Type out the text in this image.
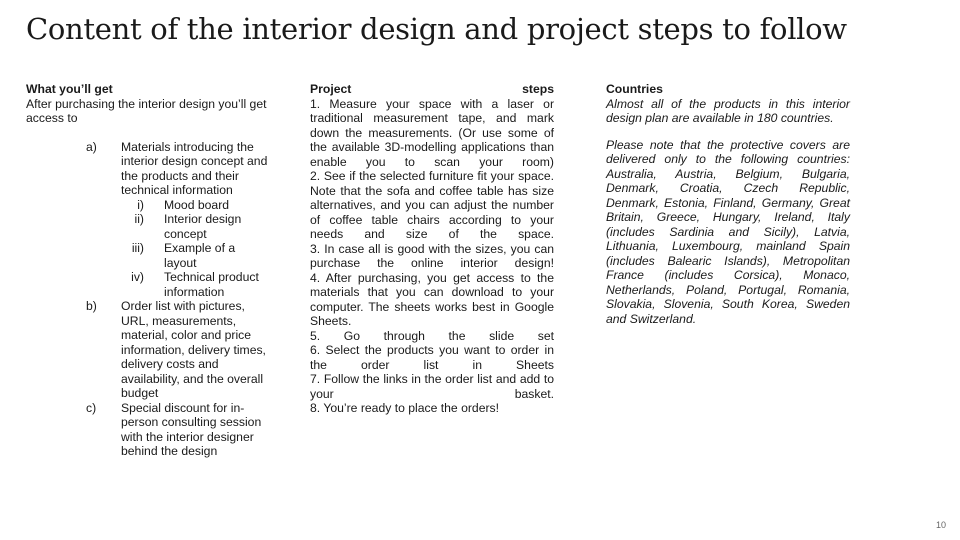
Content of the interior design and project steps to follow
What you’ll get
After purchasing the interior design you’ll get access to
a)	Materials introducing the interior design concept and the products and their technical information
i)	Mood board
ii)	Interior design concept
iii)	Example of a layout
iv)	Technical product information
b)	Order list with pictures, URL, measurements, material, color and price information, delivery times, delivery costs and availability, and the overall budget
c)	Special discount for in-person consulting session with the interior designer behind the design
Project	steps
1. Measure your space with a laser or traditional measurement tape, and mark down the measurements. (Or use some of the available 3D-modelling applications than enable you to scan your room)
2. See if the selected furniture fit your space. Note that the sofa and coffee table has size alternatives, and you can adjust the number of coffee table chairs according to your needs and size of the space.
3. In case all is good with the sizes, you can purchase the online interior design!
4. After purchasing, you get access to the materials that you can download to your computer. The sheets works best in Google Sheets.
5. Go through the slide set
6. Select the products you want to order in the order list in Sheets
7. Follow the links in the order list and add to your basket.
8. You’re ready to place the orders!
Countries
Almost all of the products in this interior design plan are available in 180 countries.
Please note that the protective covers are delivered only to the following countries: Australia, Austria, Belgium, Bulgaria, Denmark, Croatia, Czech Republic, Denmark, Estonia, Finland, Germany, Great Britain, Greece, Hungary, Ireland, Italy (includes Sardinia and Sicily), Latvia, Lithuania, Luxembourg, mainland Spain (includes Balearic Islands), Metropolitan France (includes Corsica), Monaco, Netherlands, Poland, Portugal, Romania, Slovakia, Slovenia, South Korea, Sweden and Switzerland.
10
